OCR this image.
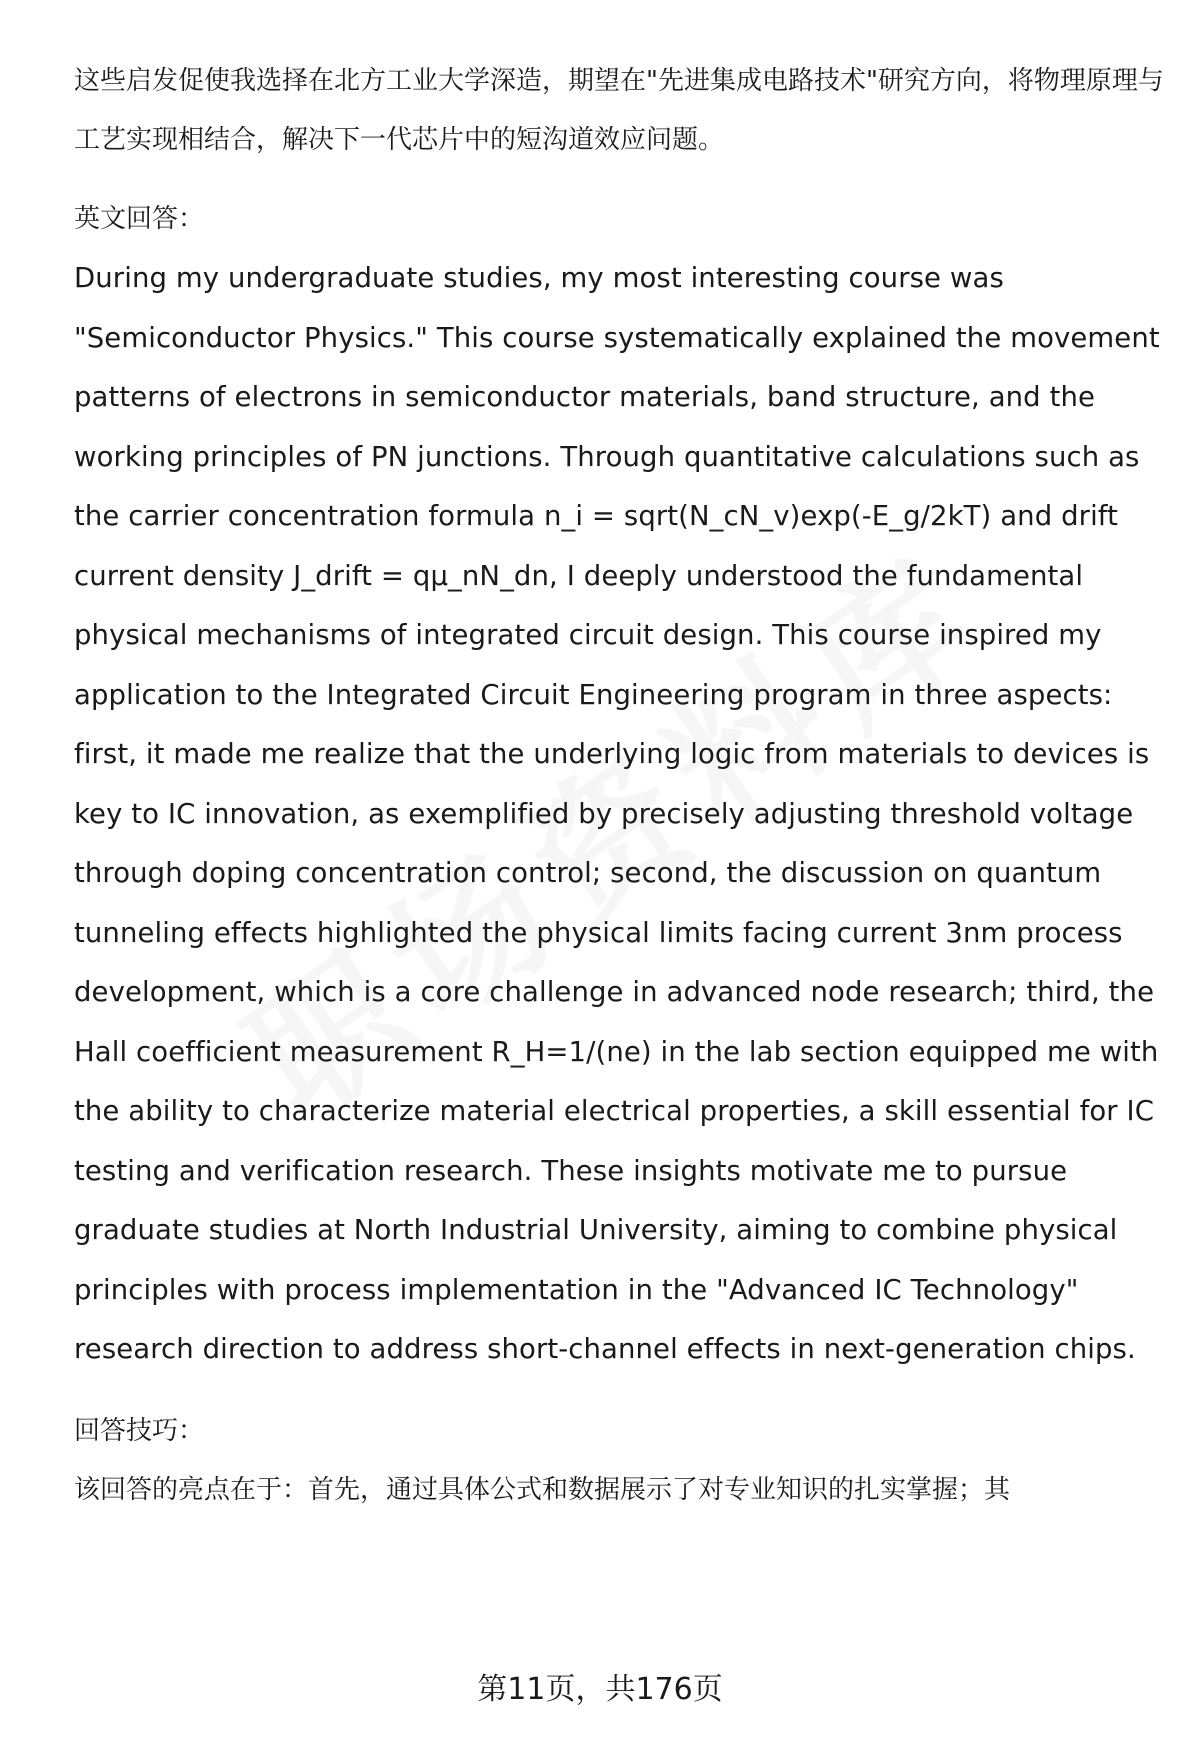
这些启发促使我选择在北方工业大学深造，期望在"先进集成电路技术"研究方向，将物理原理与工艺实现相结合，解决下一代芯片中的短沟道效应问题。

英文回答：

During my undergraduate studies, my most interesting course was "Semiconductor Physics." This course systematically explained the movement patterns of electrons in semiconductor materials, band structure, and the working principles of PN junctions. Through quantitative calculations such as the carrier concentration formula n_i = sqrt(N_cN_v)exp(-E_g/2kT) and drift current density J_drift = qμ_nN_dn, I deeply understood the fundamental physical mechanisms of integrated circuit design. This course inspired my application to the Integrated Circuit Engineering program in three aspects: first, it made me realize that the underlying logic from materials to devices is key to IC innovation, as exemplified by precisely adjusting threshold voltage through doping concentration control; second, the discussion on quantum tunneling effects highlighted the physical limits facing current 3nm process development, which is a core challenge in advanced node research; third, the Hall coefficient measurement R_H=1/(ne) in the lab section equipped me with the ability to characterize material electrical properties, a skill essential for IC testing and verification research. These insights motivate me to pursue graduate studies at North Industrial University, aiming to combine physical principles with process implementation in the "Advanced IC Technology" research direction to address short-channel effects in next-generation chips.

回答技巧：

该回答的亮点在于：首先，通过具体公式和数据展示了对专业知识的扎实掌握；其

第11页，共176页
